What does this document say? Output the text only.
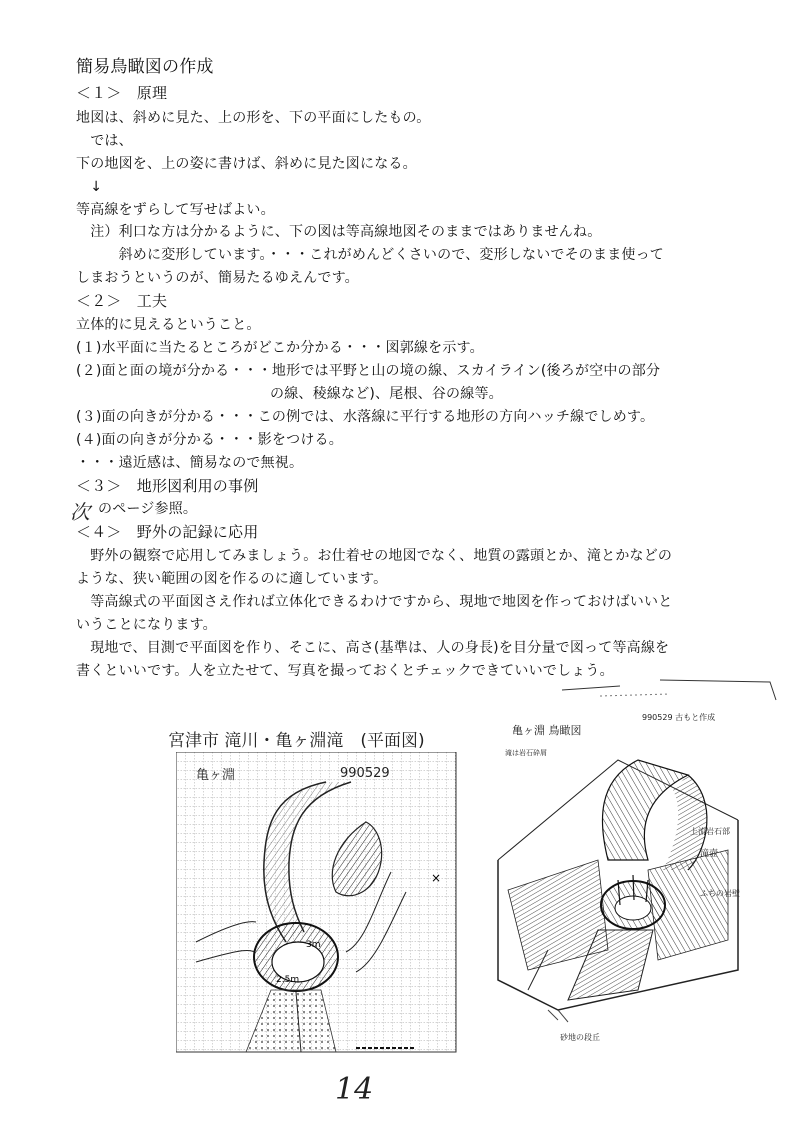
簡易鳥瞰図の作成
＜１＞　原理
地図は、斜めに見た、上の形を、下の平面にしたもの。
　では、
下の地図を、上の姿に書けば、斜めに見た図になる。
　↓
等高線をずらして写せばよい。
　注）利口な方は分かるように、下の図は等高線地図そのままではありませんね。
　　　斜めに変形しています。・・・これがめんどくさいので、変形しないでそのまま使って
しまおうというのが、簡易たるゆえんです。
＜２＞　工夫
立体的に見えるということ。
(１)水平面に当たるところがどこか分かる・・・図郭線を示す。
(２)面と面の境が分かる・・・地形では平野と山の境の線、スカイライン(後ろが空中の部分
の線、稜線など)、尾根、谷の線等。
(３)面の向きが分かる・・・この例では、水落線に平行する地形の方向ハッチ線でしめす。
(４)面の向きが分かる・・・影をつける。
・・・遠近感は、簡易なので無視。
＜３＞　地形図利用の事例
次 のページ参照。
＜４＞　野外の記録に応用
　野外の観察で応用してみましょう。お仕着せの地図でなく、地質の露頭とか、滝とかなどの
ような、狭い範囲の図を作るのに適しています。
　等高線式の平面図さえ作れば立体化できるわけですから、現地で地図を作っておけばいいと
いうことになります。
　現地で、目測で平面図を作り、そこに、高さ(基準は、人の身長)を目分量で図って等高線を
書くといいです。人を立たせて、写真を撮っておくとチェックできていいでしょう。
宮津市 滝川・亀ヶ淵滝　(平面図)
2.5m
3m
×
亀ヶ淵	990529
亀ヶ淵 鳥瞰図
990529 古もと作成
滝は岩石砕屑
上流岩石部
滝壺
ふちの岩壁
砂地の段丘
14
